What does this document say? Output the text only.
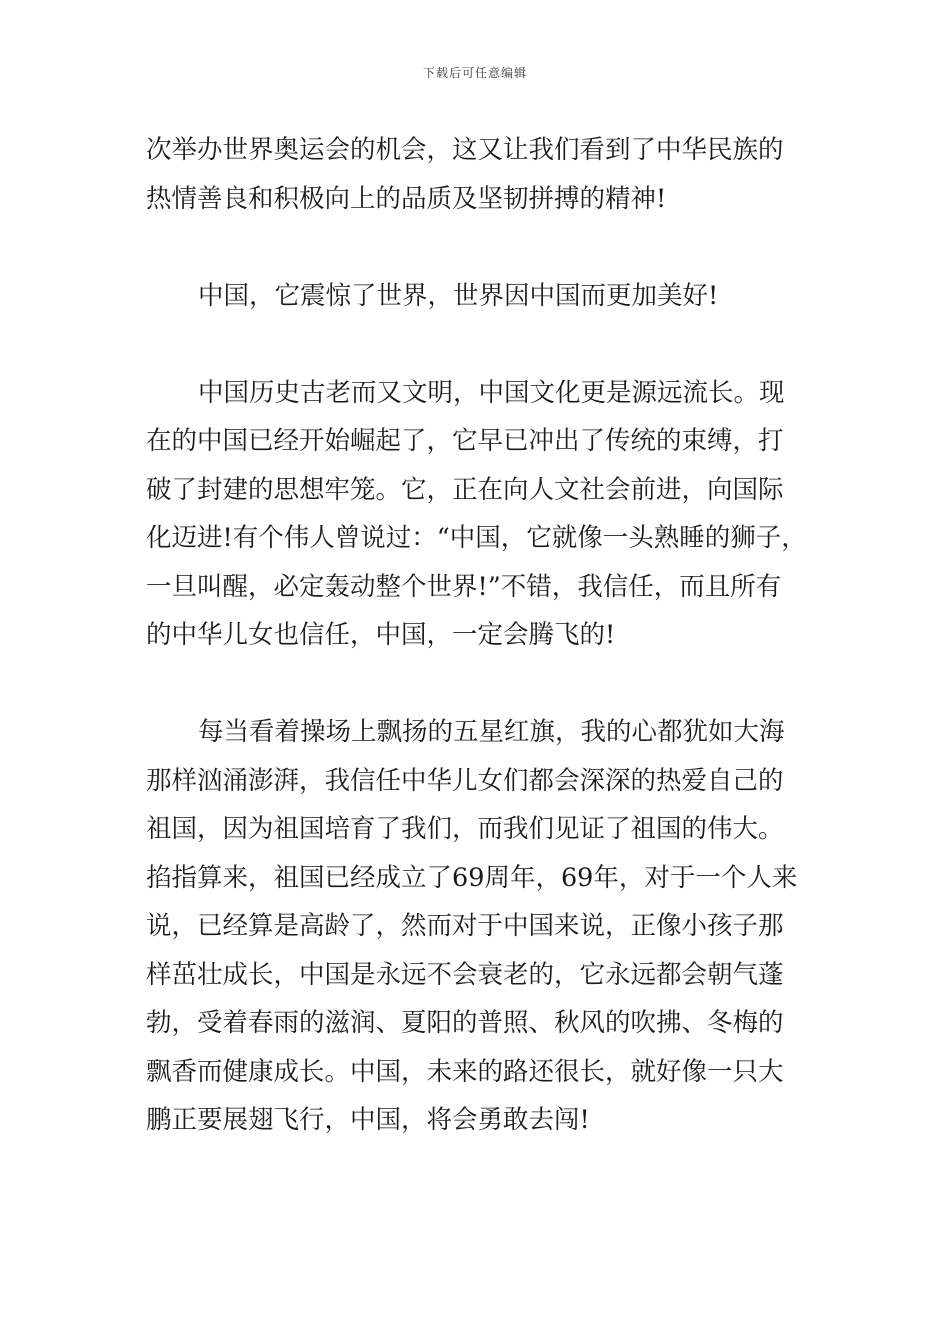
下载后可任意编辑

次举办世界奥运会的机会，这又让我们看到了中华民族的
热情善良和积极向上的品质及坚韧拼搏的精神!

中国，它震惊了世界，世界因中国而更加美好!

中国历史古老而又文明，中国文化更是源远流长。现
在的中国已经开始崛起了，它早已冲出了传统的束缚，打
破了封建的思想牢笼。它，正在向人文社会前进，向国际
化迈进!有个伟人曾说过：“中国，它就像一头熟睡的狮子，
一旦叫醒，必定轰动整个世界!”不错，我信任，而且所有
的中华儿女也信任，中国，一定会腾飞的!

每当看着操场上飘扬的五星红旗，我的心都犹如大海
那样汹涌澎湃，我信任中华儿女们都会深深的热爱自己的
祖国，因为祖国培育了我们，而我们见证了祖国的伟大。
掐指算来，祖国已经成立了69周年，69年，对于一个人来
说，已经算是高龄了，然而对于中国来说，正像小孩子那
样茁壮成长，中国是永远不会衰老的，它永远都会朝气蓬
勃，受着春雨的滋润、夏阳的普照、秋风的吹拂、冬梅的
飘香而健康成长。中国，未来的路还很长，就好像一只大
鹏正要展翅飞行，中国，将会勇敢去闯!
